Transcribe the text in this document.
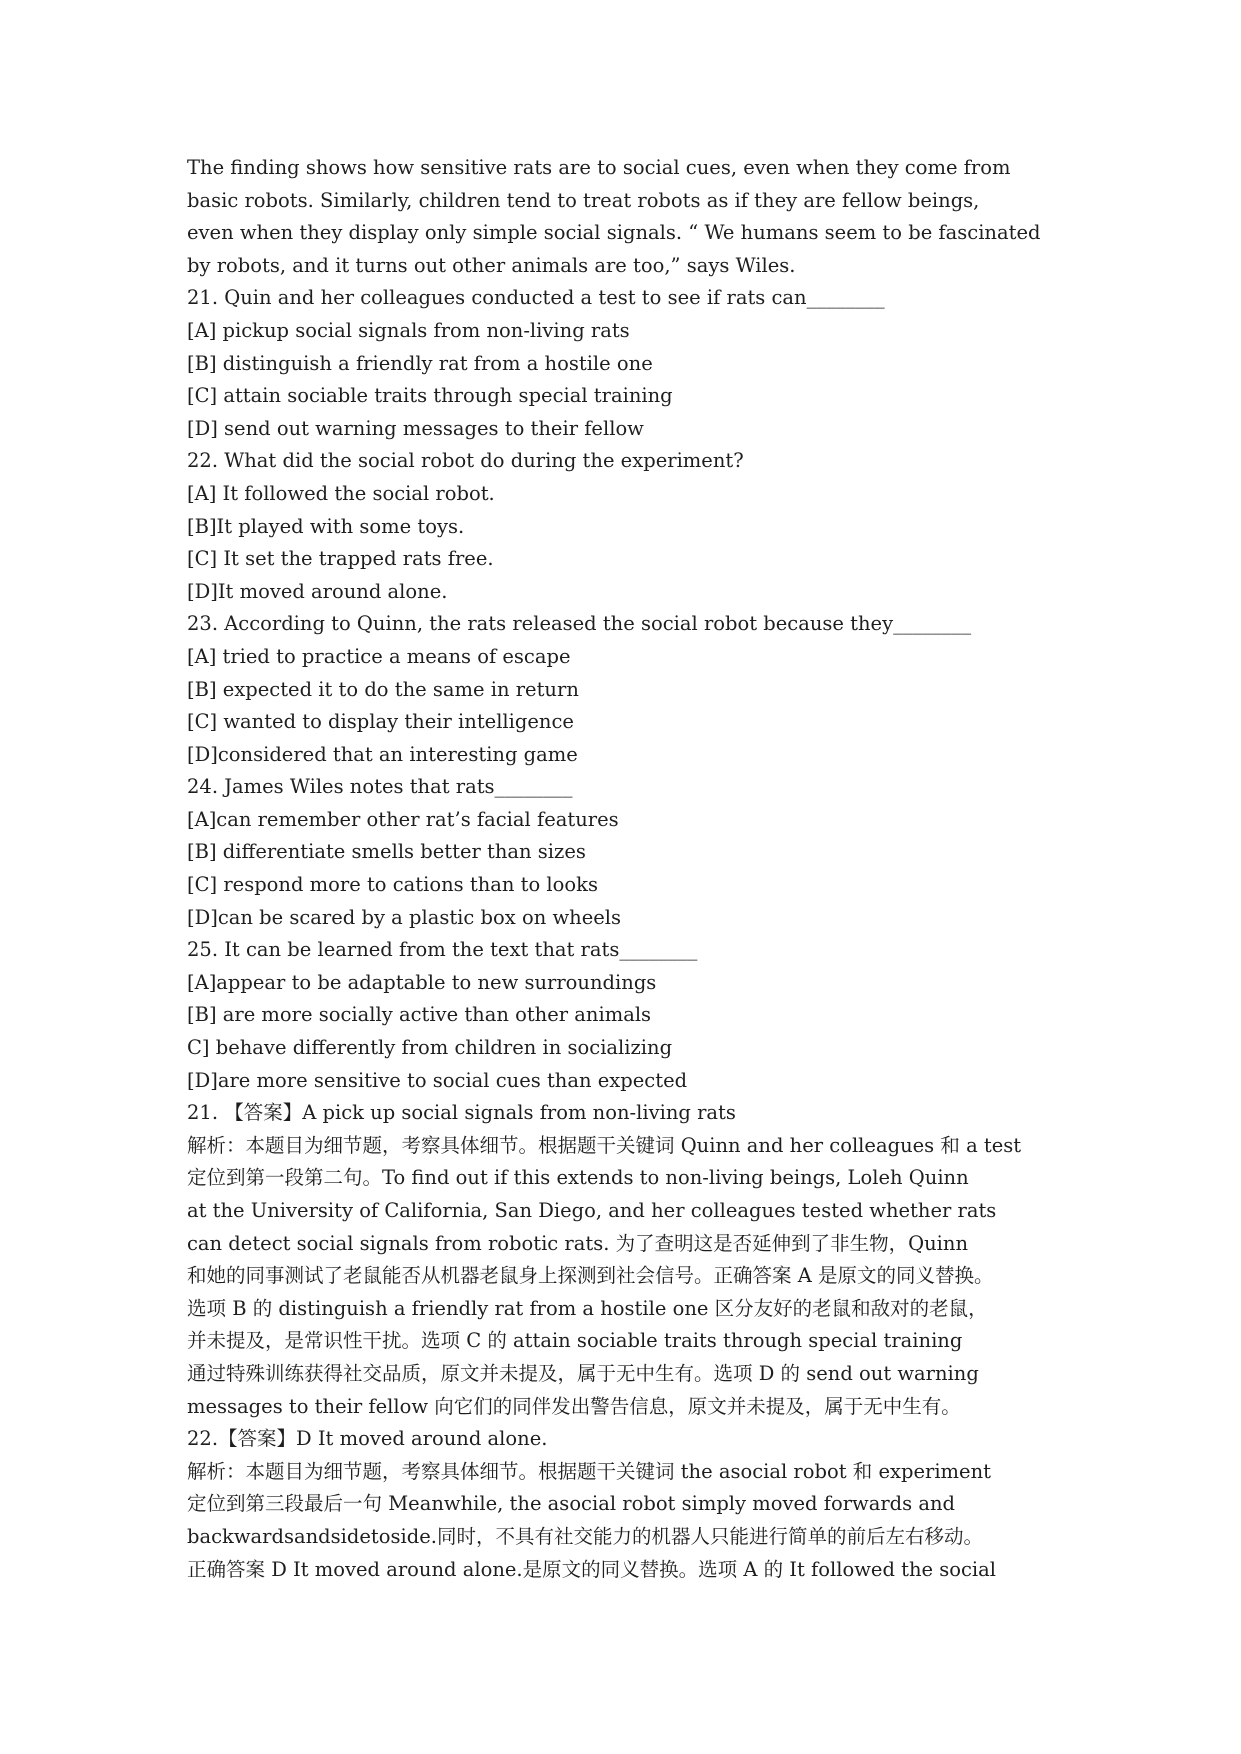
The finding shows how sensitive rats are to social cues, even when they come from
basic robots. Similarly, children tend to treat robots as if they are fellow beings,
even when they display only simple social signals. “ We humans seem to be fascinated
by robots, and it turns out other animals are too,” says Wiles.
21. Quin and her colleagues conducted a test to see if rats can________
[A] pickup social signals from non-living rats
[B] distinguish a friendly rat from a hostile one
[C] attain sociable traits through special training
[D] send out warning messages to their fellow
22. What did the social robot do during the experiment?
[A] It followed the social robot.
[B]It played with some toys.
[C] It set the trapped rats free.
[D]It moved around alone.
23. According to Quinn, the rats released the social robot because they________
[A] tried to practice a means of escape
[B] expected it to do the same in return
[C] wanted to display their intelligence
[D]considered that an interesting game
24. James Wiles notes that rats________
[A]can remember other rat’s facial features
[B] differentiate smells better than sizes
[C] respond more to cations than to looks
[D]can be scared by a plastic box on wheels
25. It can be learned from the text that rats________
[A]appear to be adaptable to new surroundings
[B] are more socially active than other animals
C] behave differently from children in socializing
[D]are more sensitive to social cues than expected
21. 【答案】A pick up social signals from non-living rats
解析：本题目为细节题，考察具体细节。根据题干关键词 Quinn and her colleagues 和 a test
定位到第一段第二句。To find out if this extends to non-living beings, Loleh Quinn
at the University of California, San Diego, and her colleagues tested whether rats
can detect social signals from robotic rats. 为了查明这是否延伸到了非生物，Quinn
和她的同事测试了老鼠能否从机器老鼠身上探测到社会信号。正确答案 A 是原文的同义替换。
选项 B 的 distinguish a friendly rat from a hostile one 区分友好的老鼠和敌对的老鼠，
并未提及，是常识性干扰。选项 C 的 attain sociable traits through special training
通过特殊训练获得社交品质，原文并未提及，属于无中生有。选项 D 的 send out warning
messages to their fellow 向它们的同伴发出警告信息，原文并未提及，属于无中生有。
22.【答案】D It moved around alone.
解析：本题目为细节题，考察具体细节。根据题干关键词 the asocial robot 和 experiment
定位到第三段最后一句 Meanwhile, the asocial robot simply moved forwards and
backwardsandsidetoside.同时，不具有社交能力的机器人只能进行简单的前后左右移动。
正确答案 D It moved around alone.是原文的同义替换。选项 A 的 It followed the social
